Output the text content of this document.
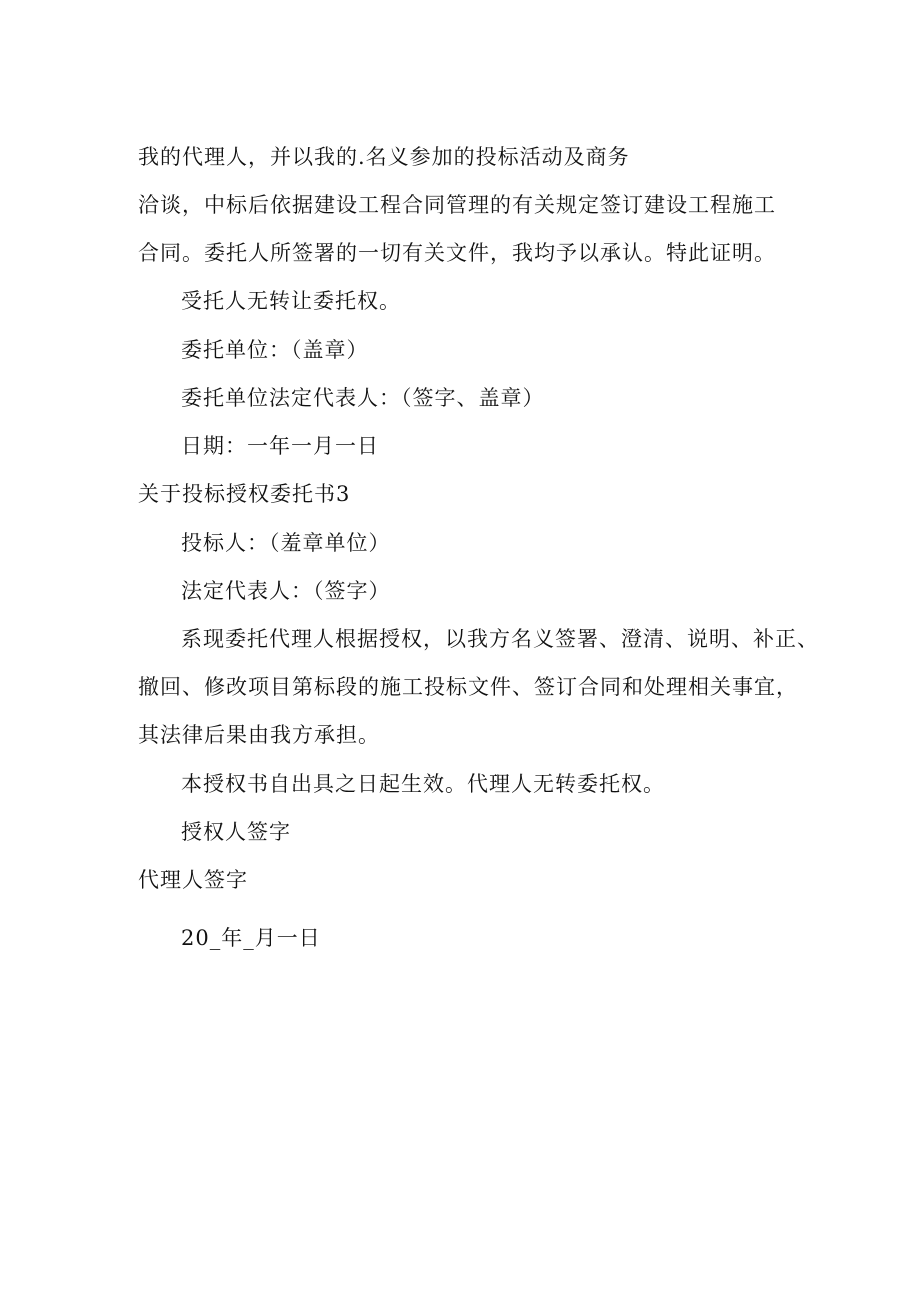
我的代理人，并以我的.名义参加的投标活动及商务
洽谈，中标后依据建设工程合同管理的有关规定签订建设工程施工
合同。委托人所签署的一切有关文件，我均予以承认。特此证明。
受托人无转让委托权。
委托单位：（盖章）
委托单位法定代表人：（签字、盖章）
日期：一年一月一日
关于投标授权委托书3
投标人：（羞章单位）
法定代表人：（签字）
系现委托代理人根据授权，以我方名义签署、澄清、说明、补正、
撤回、修改项目第标段的施工投标文件、签订合同和处理相关事宜，
其法律后果由我方承担。
本授权书自出具之日起生效。代理人无转委托权。
授权人签字
代理人签字
20_年_月一日
